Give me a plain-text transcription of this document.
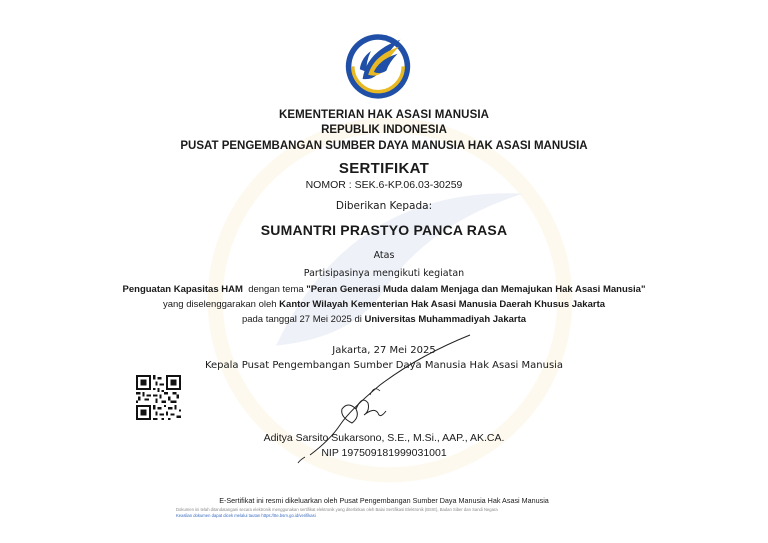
KEMENTERIAN HAK ASASI MANUSIA
REPUBLIK INDONESIA
PUSAT PENGEMBANGAN SUMBER DAYA MANUSIA HAK ASASI MANUSIA
SERTIFIKAT
NOMOR : SEK.6-KP.06.03-30259
Diberikan Kepada:
SUMANTRI PRASTYO PANCA RASA
Atas
Partisipasinya mengikuti kegiatan
Penguatan Kapasitas HAM dengan tema "Peran Generasi Muda dalam Menjaga dan Memajukan Hak Asasi Manusia"
yang diselenggarakan oleh Kantor Wilayah Kementerian Hak Asasi Manusia Daerah Khusus Jakarta
pada tanggal 27 Mei 2025 di Universitas Muhammadiyah Jakarta
Jakarta, 27 Mei 2025
Kepala Pusat Pengembangan Sumber Daya Manusia Hak Asasi Manusia
Aditya Sarsito Sukarsono, S.E., M.Si., AAP., AK.CA.
NIP 197509181999031001
E-Sertifikat ini resmi dikeluarkan oleh Pusat Pengembangan Sumber Daya Manusia Hak Asasi Manusia
Dokumen ini telah ditandatangani secara elektronik menggunakan sertifikat elektronik yang diterbitkan oleh Balai Sertifikasi Elektronik (BSrE), Badan Siber dan Sandi Negara
Keaslian dokumen dapat dicek melalui tautan https://tte.bsrn.go.id/verifikasi
